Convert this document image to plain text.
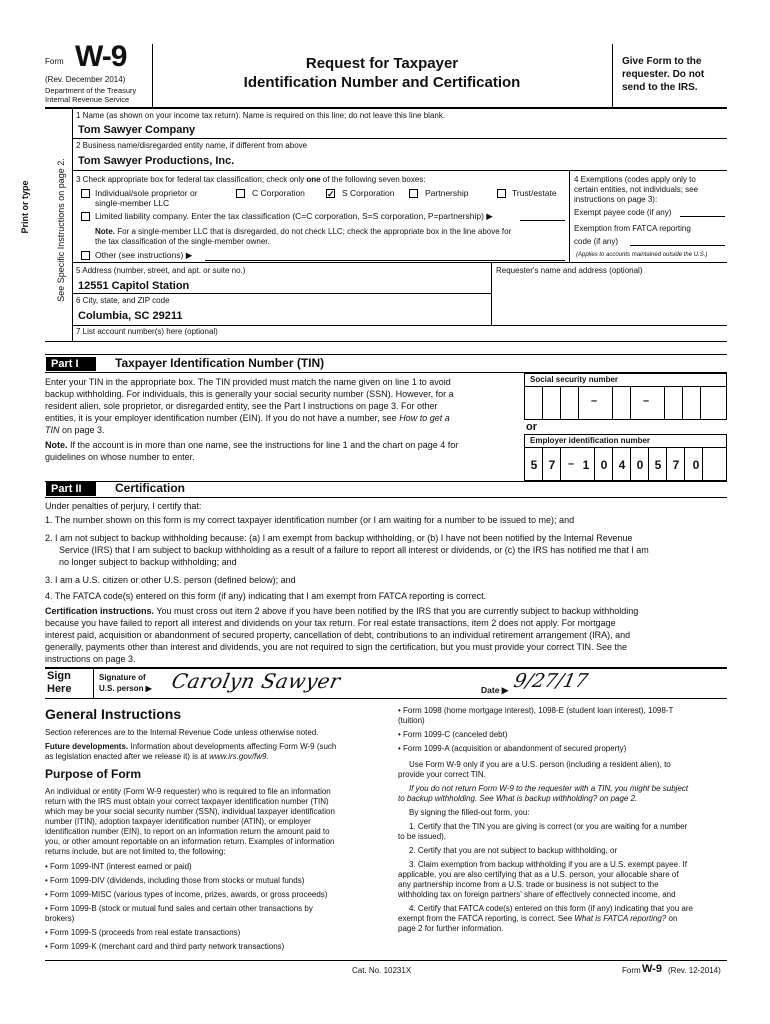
Form W-9
(Rev. December 2014)
Department of the Treasury
Internal Revenue Service
Request for Taxpayer
Identification Number and Certification
Give Form to the
requester. Do not
send to the IRS.
Print or type	See Specific Instructions on page 2.
1 Name (as shown on your income tax return). Name is required on this line; do not leave this line blank.
Tom Sawyer Company
2 Business name/disregarded entity name, if different from above
Tom Sawyer Productions, Inc.
3 Check appropriate box for federal tax classification; check only one of the following seven boxes:
Individual/sole proprietor or
single-member LLC
C Corporation ✓ S Corporation	Partnership	Trust/estate
Limited liability company. Enter the tax classification (C=C corporation, S=S corporation, P=partnership) ▶
Note. For a single-member LLC that is disregarded, do not check LLC; check the appropriate box in the line above for
the tax classification of the single-member owner.
Other (see instructions) ▶
4 Exemptions (codes apply only to
certain entities, not individuals; see
instructions on page 3):
Exempt payee code (if any)
Exemption from FATCA reporting
code (if any)
(Applies to accounts maintained outside the U.S.)
5 Address (number, street, and apt. or suite no.)	Requester's name and address (optional)
12551 Capitol Station
6 City, state, and ZIP code
Columbia, SC 29211
7 List account number(s) here (optional)
Part I	Taxpayer Identification Number (TIN)
Enter your TIN in the appropriate box. The TIN provided must match the name given on line 1 to avoid
backup withholding. For individuals, this is generally your social security number (SSN). However, for a
resident alien, sole proprietor, or disregarded entity, see the Part I instructions on page 3. For other
entities, it is your employer identification number (EIN). If you do not have a number, see How to get a
TIN on page 3.
Note. If the account is in more than one name, see the instructions for line 1 and the chart on page 4 for
guidelines on whose number to enter.
Social security number
–	–
or
Employer identification number
5 7	– 1 0 4 0 5 7	0
Part II	Certification
Under penalties of perjury, I certify that:
1. The number shown on this form is my correct taxpayer identification number (or I am waiting for a number to be issued to me); and
2. I am not subject to backup withholding because: (a) I am exempt from backup withholding, or (b) I have not been notified by the Internal Revenue
Service (IRS) that I am subject to backup withholding as a result of a failure to report all interest or dividends, or (c) the IRS has notified me that I am
no longer subject to backup withholding; and
3. I am a U.S. citizen or other U.S. person (defined below); and
4. The FATCA code(s) entered on this form (if any) indicating that I am exempt from FATCA reporting is correct.
Certification instructions. You must cross out item 2 above if you have been notified by the IRS that you are currently subject to backup withholding
because you have failed to report all interest and dividends on your tax return. For real estate transactions, item 2 does not apply. For mortgage
interest paid, acquisition or abandonment of secured property, cancellation of debt, contributions to an individual retirement arrangement (IRA), and
generally, payments other than interest and dividends, you are not required to sign the certification, but you must provide your correct TIN. See the
instructions on page 3.
Sign
Here
Signature of
U.S. person ▶ Carolyn Sawyer	Date ▶ 9/27/17
General Instructions
Section references are to the Internal Revenue Code unless otherwise noted.
Future developments. Information about developments affecting Form W-9 (such
as legislation enacted after we release it) is at www.irs.gov/fw9.
Purpose of Form
An individual or entity (Form W-9 requester) who is required to file an information
return with the IRS must obtain your correct taxpayer identification number (TIN)
which may be your social security number (SSN), individual taxpayer identification
number (ITIN), adoption taxpayer identification number (ATIN), or employer
identification number (EIN), to report on an information return the amount paid to
you, or other amount reportable on an information return. Examples of information
returns include, but are not limited to, the following:
• Form 1099-INT (interest earned or paid)
• Form 1099-DIV (dividends, including those from stocks or mutual funds)
• Form 1099-MISC (various types of income, prizes, awards, or gross proceeds)
• Form 1099-B (stock or mutual fund sales and certain other transactions by
brokers)
• Form 1099-S (proceeds from real estate transactions)
• Form 1099-K (merchant card and third party network transactions)
• Form 1098 (home mortgage interest), 1098-E (student loan interest), 1098-T
(tuition)
• Form 1099-C (canceled debt)
• Form 1099-A (acquisition or abandonment of secured property)
Use Form W-9 only if you are a U.S. person (including a resident alien), to
provide your correct TIN.
If you do not return Form W-9 to the requester with a TIN, you might be subject
to backup withholding. See What is backup withholding? on page 2.
By signing the filled-out form, you:
1. Certify that the TIN you are giving is correct (or you are waiting for a number
to be issued),
2. Certify that you are not subject to backup withholding, or
3. Claim exemption from backup withholding if you are a U.S. exempt payee. If
applicable, you are also certifying that as a U.S. person, your allocable share of
any partnership income from a U.S. trade or business is not subject to the
withholding tax on foreign partners' share of effectively connected income, and
4. Certify that FATCA code(s) entered on this form (if any) indicating that you are
exempt from the FATCA reporting, is correct. See What is FATCA reporting? on
page 2 for further information.
Cat. No. 10231X	Form W-9 (Rev. 12-2014)
